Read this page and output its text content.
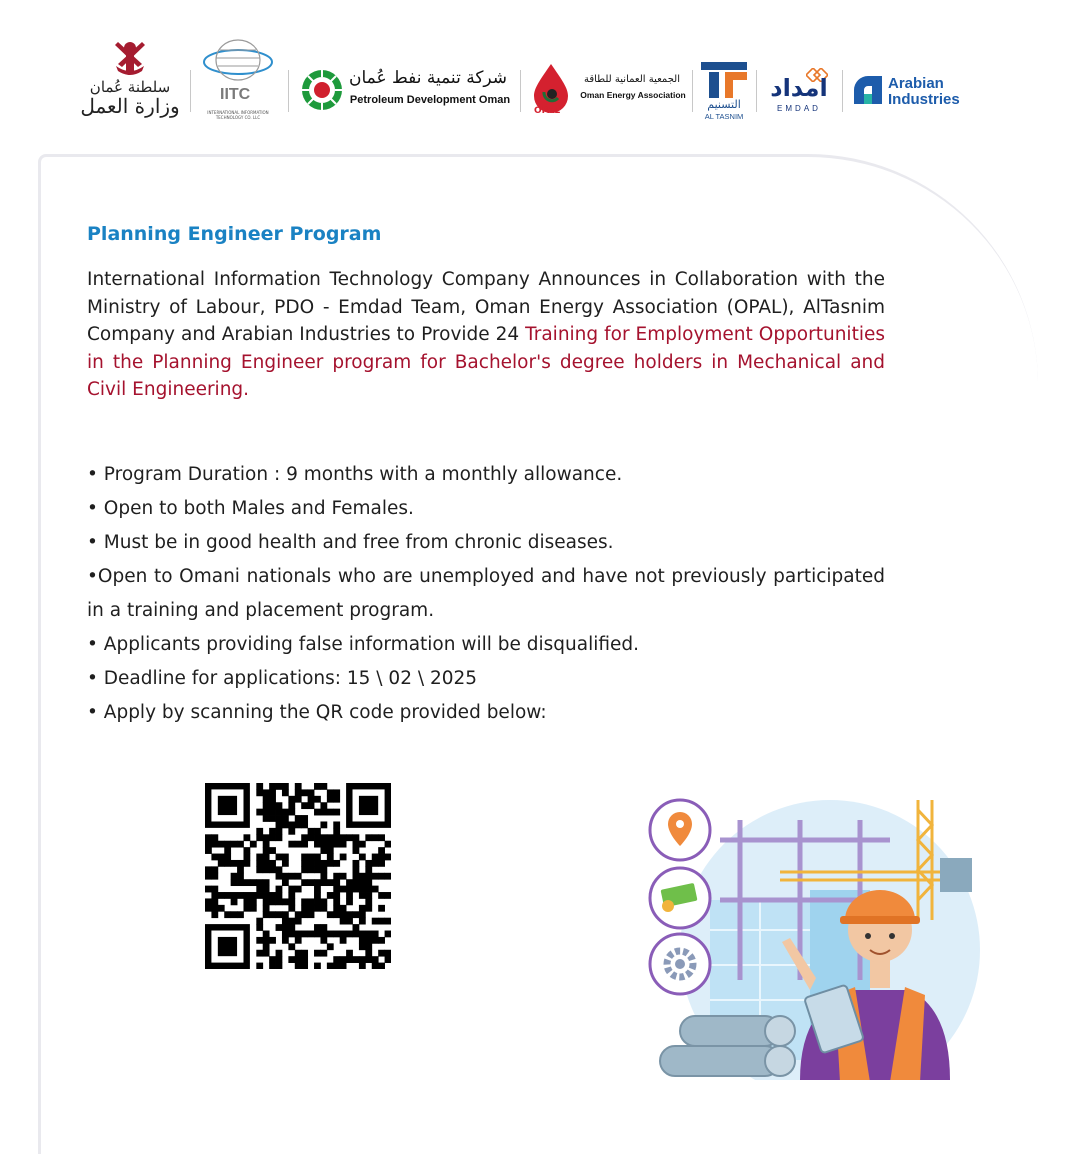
سلطنة عُمان
وزارة العمل	IITC
INTERNATIONAL INFORMATION TECHNOLOGY CO. LLC
شركة تنمية نفط عُمان
Petroleum Development Oman
OPAL
الجمعية العمانية للطاقة
Oman Energy Association
التسنيم
AL TASNIM
امداد
EMDAD
Arabian
Industries
Planning Engineer Program
International Information Technology Company Announces in Collaboration with the Ministry of Labour, PDO - Emdad Team, Oman Energy Association (OPAL), AlTasnim Company and Arabian Industries to Provide 24 Training for Employment Opportunities in the Planning Engineer program for Bachelor's degree holders in Mechanical and Civil Engineering.
• Program Duration : 9 months with a monthly allowance.
• Open to both Males and Females.
• Must be in good health and free from chronic diseases.
•Open to Omani nationals who are unemployed and have not previously participated in a training and placement program.
• Applicants providing false information will be disqualified.
• Deadline for applications: 15 \ 02 \ 2025
• Apply by scanning the QR code provided below:
